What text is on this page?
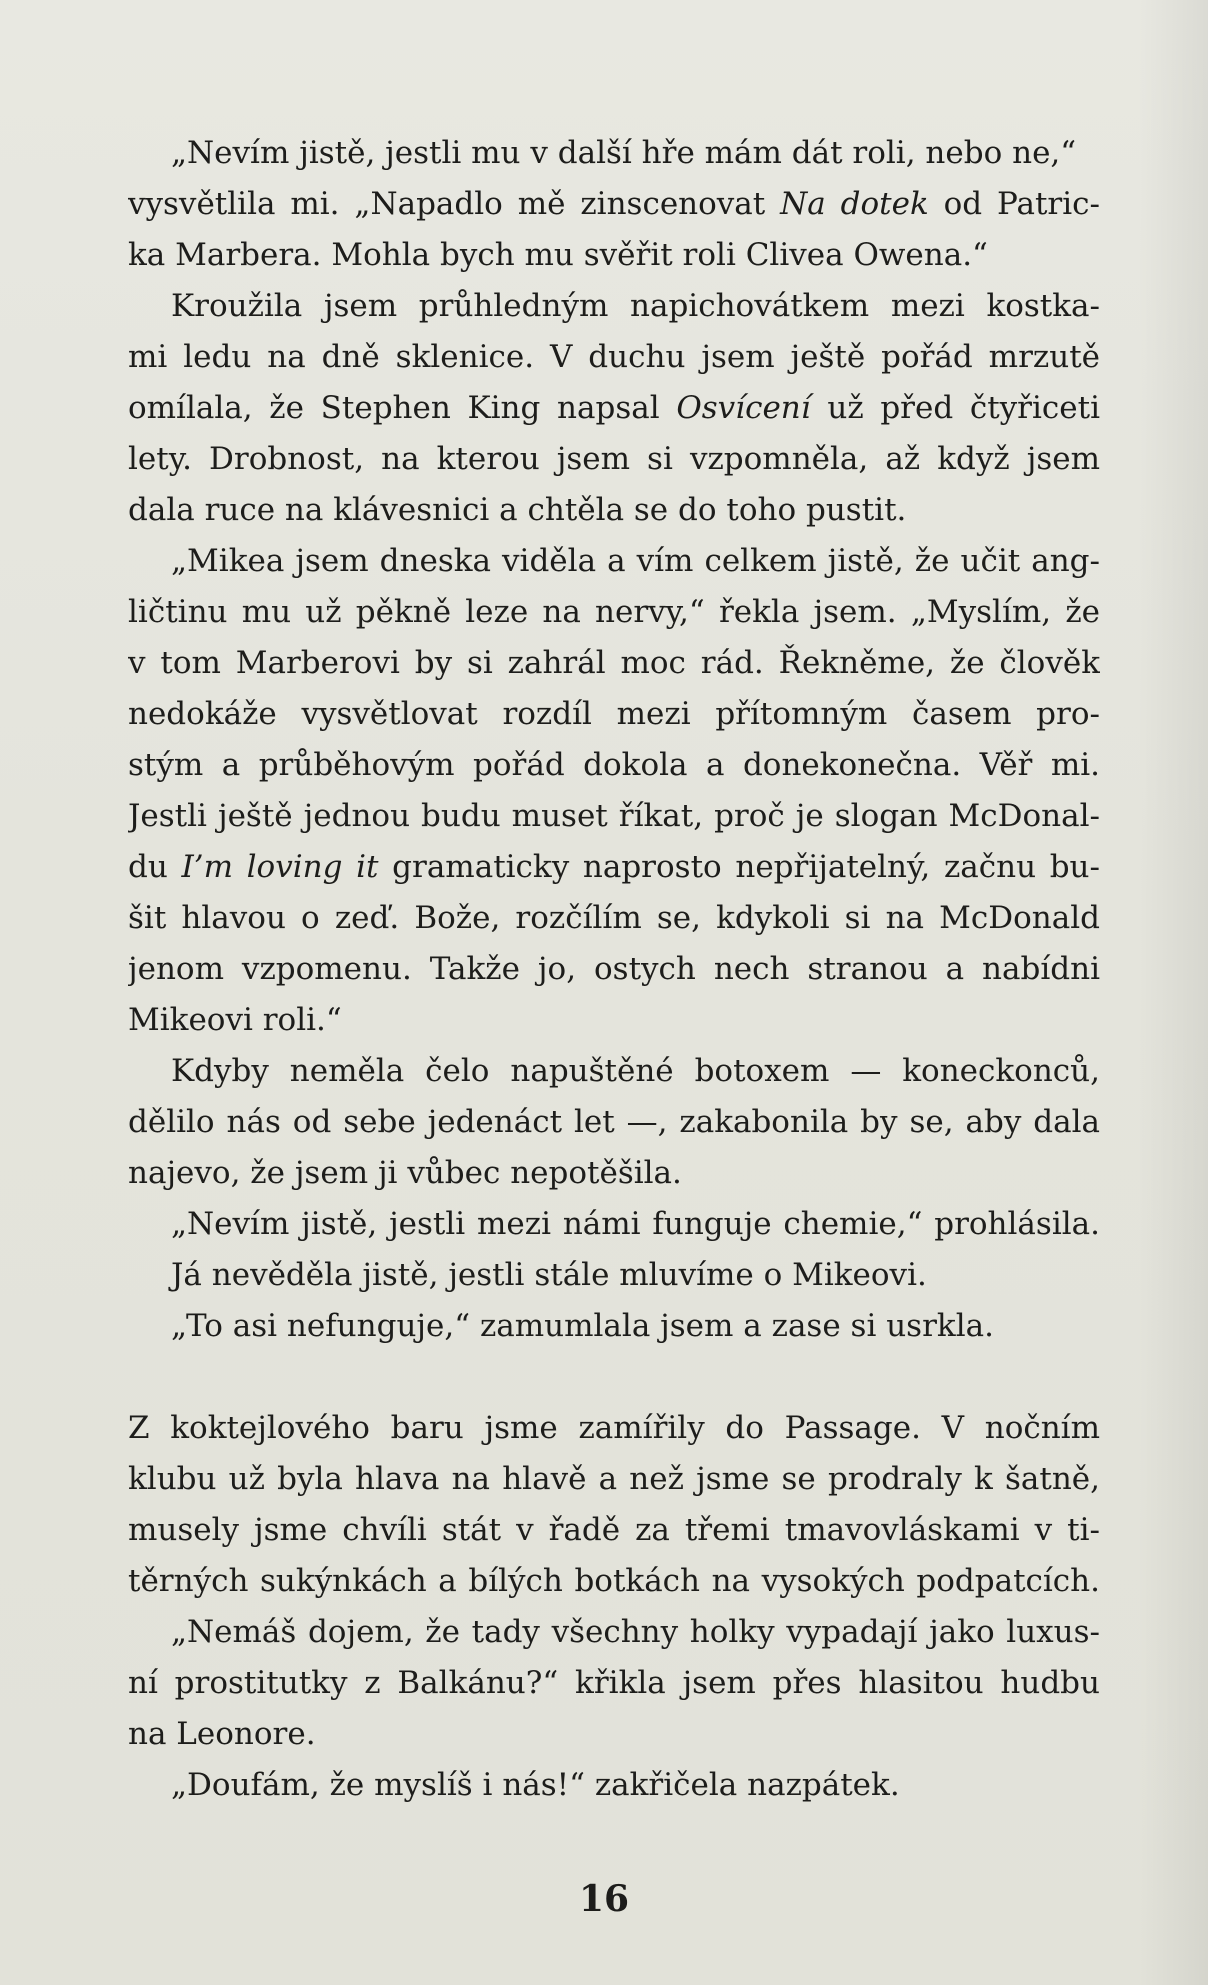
„Nevím jistě, jestli mu v další hře mám dát roli, nebo ne,“
vysvětlila mi. „Napadlo mě zinscenovat Na dotek od Patric-
ka Marbera. Mohla bych mu svěřit roli Clivea Owena.“
Kroužila jsem průhledným napichovátkem mezi kostka-
mi ledu na dně sklenice. V duchu jsem ještě pořád mrzutě
omílala, že Stephen King napsal Osvícení už před čtyřiceti
lety. Drobnost, na kterou jsem si vzpomněla, až když jsem
dala ruce na klávesnici a chtěla se do toho pustit.
„Mikea jsem dneska viděla a vím celkem jistě, že učit ang-
ličtinu mu už pěkně leze na nervy,“ řekla jsem. „Myslím, že
v tom Marberovi by si zahrál moc rád. Řekněme, že člověk
nedokáže vysvětlovat rozdíl mezi přítomným časem pro-
stým a průběhovým pořád dokola a donekonečna. Věř mi.
Jestli ještě jednou budu muset říkat, proč je slogan McDonal-
du I’m loving it gramaticky naprosto nepřijatelný, začnu bu-
šit hlavou o zeď. Bože, rozčílím se, kdykoli si na McDonald
jenom vzpomenu. Takže jo, ostych nech stranou a nabídni
Mikeovi roli.“
Kdyby neměla čelo napuštěné botoxem — koneckonců,
dělilo nás od sebe jedenáct let —, zakabonila by se, aby dala
najevo, že jsem ji vůbec nepotěšila.
„Nevím jistě, jestli mezi námi funguje chemie,“ prohlásila.
Já nevěděla jistě, jestli stále mluvíme o Mikeovi.
„To asi nefunguje,“ zamumlala jsem a zase si usrkla.
Z koktejlového baru jsme zamířily do Passage. V nočním
klubu už byla hlava na hlavě a než jsme se prodraly k šatně,
musely jsme chvíli stát v řadě za třemi tmavovláskami v ti-
těrných sukýnkách a bílých botkách na vysokých podpatcích.
„Nemáš dojem, že tady všechny holky vypadají jako luxus-
ní prostitutky z Balkánu?“ křikla jsem přes hlasitou hudbu
na Leonore.
„Doufám, že myslíš i nás!“ zakřičela nazpátek.
16
